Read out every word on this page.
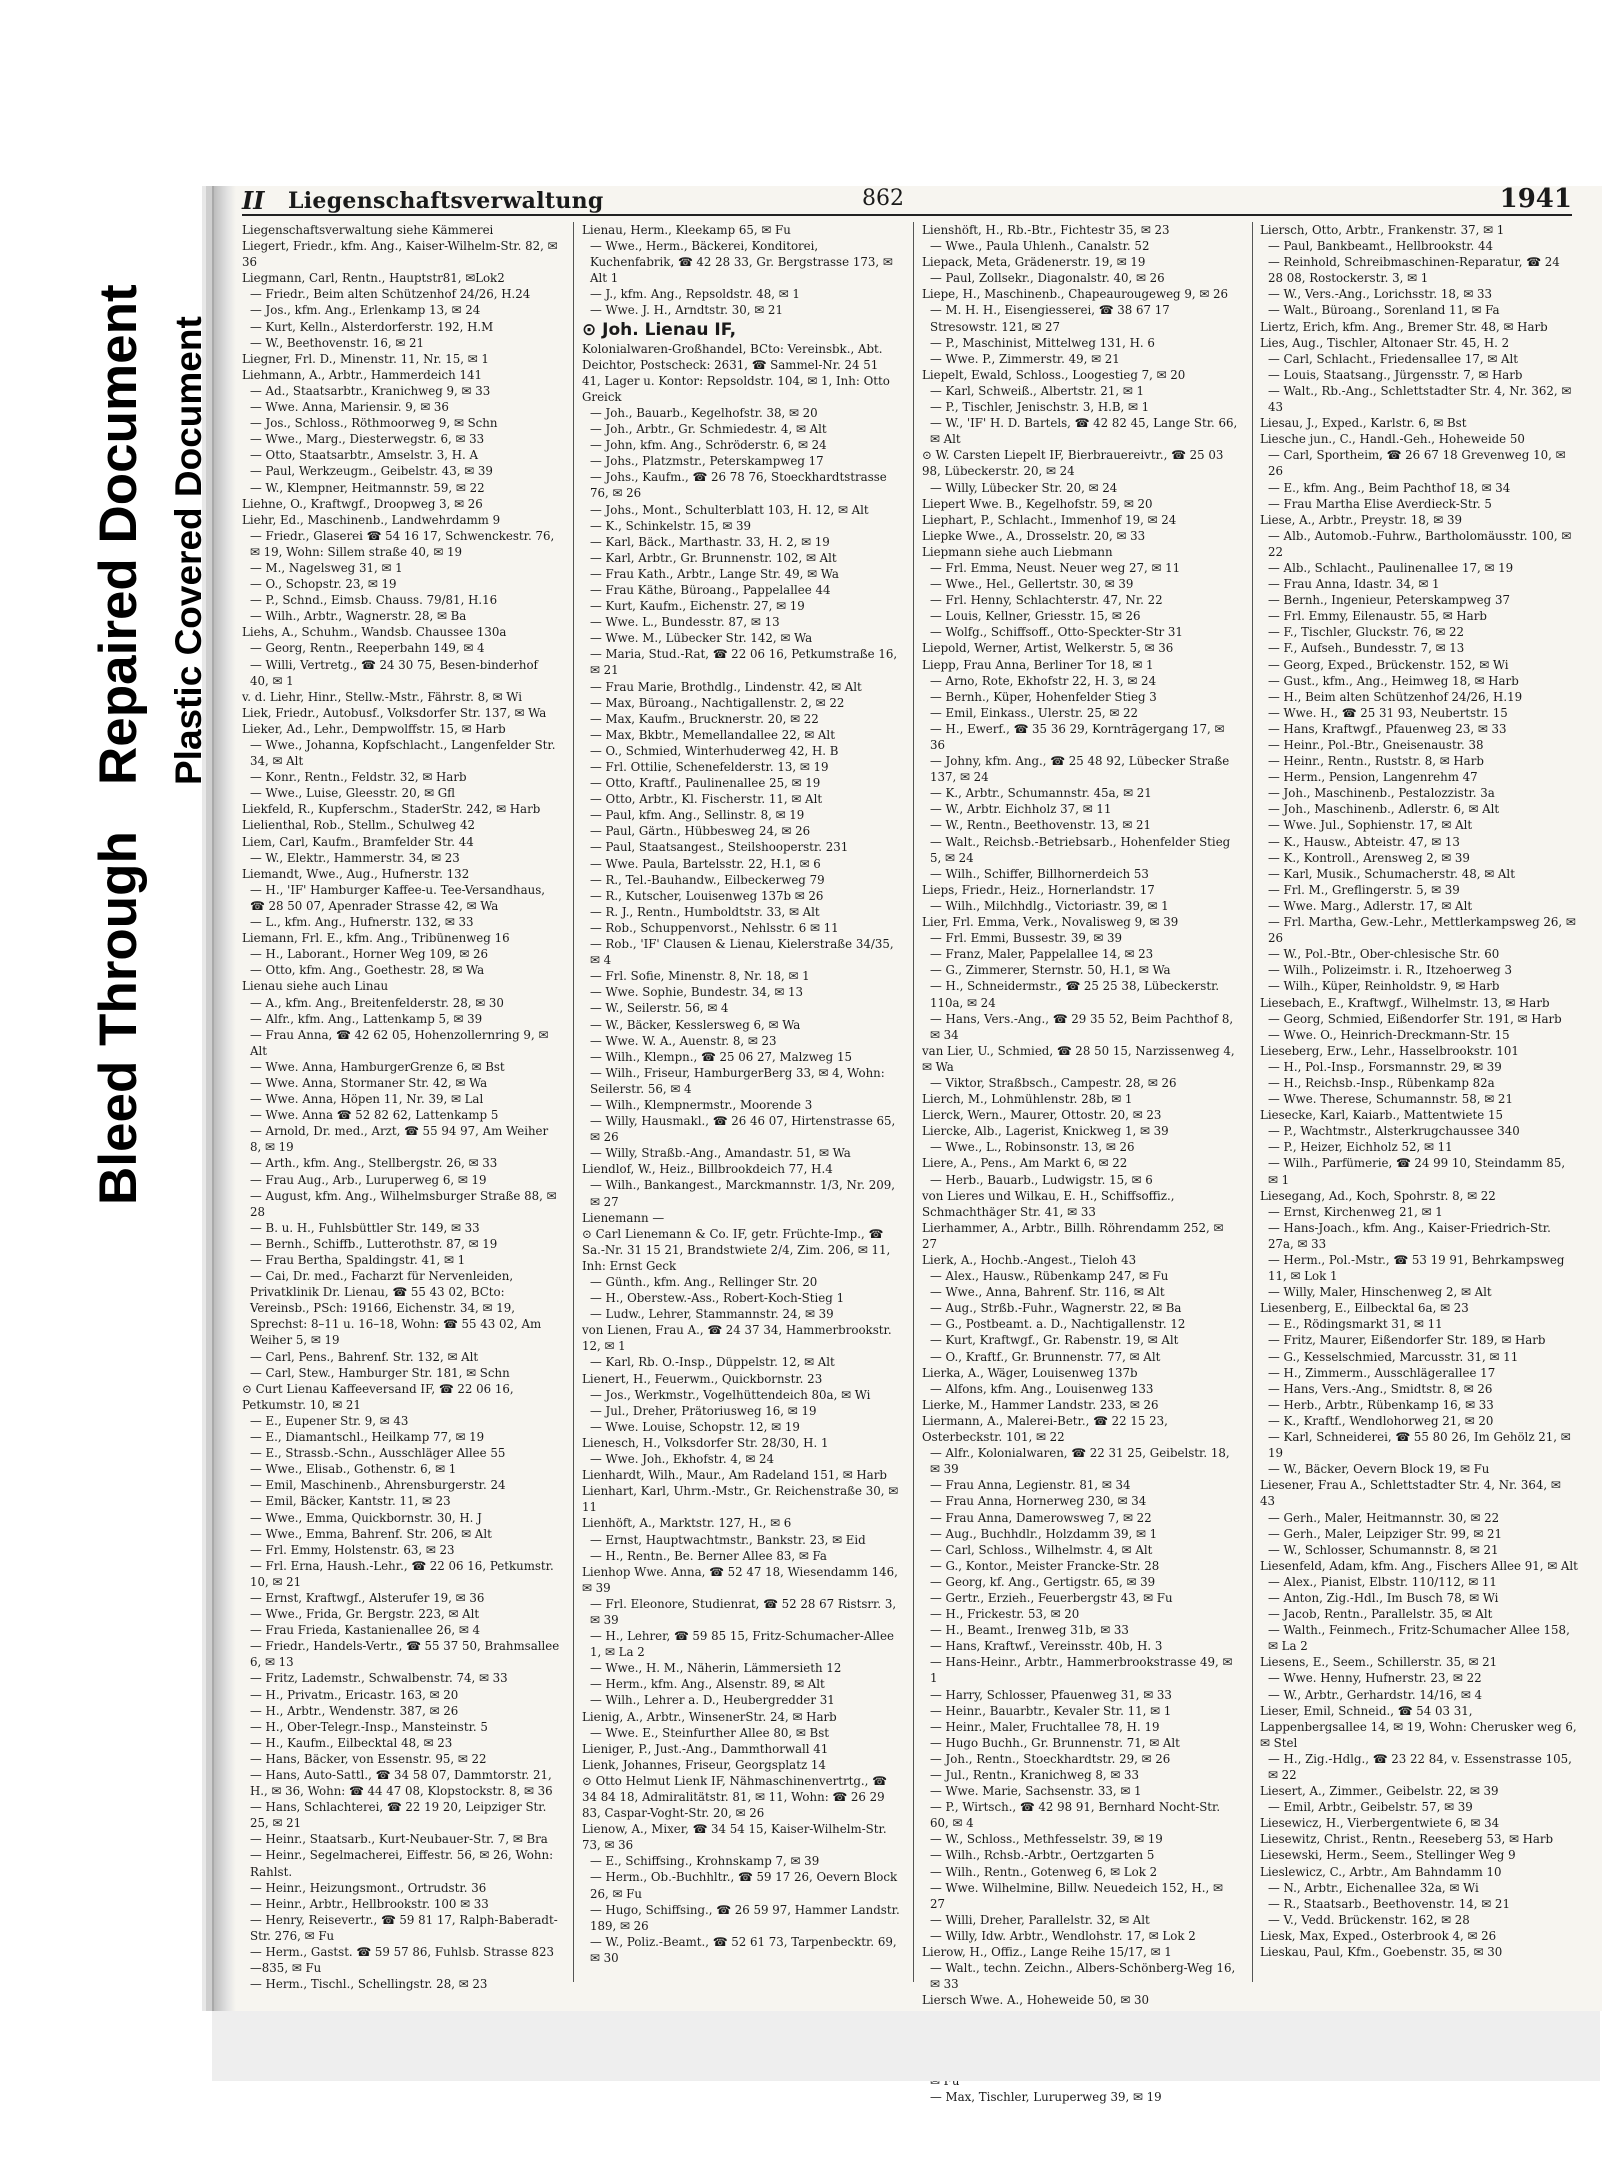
Bleed Through
Repaired Document Plastic Covered Document
II Liegenschaftsverwaltung	862	1941
Liegenschaftsverwaltung siehe Kämmerei
Liegert, Friedr., kfm. Ang., Kaiser-Wilhelm-Str. 82, ✉ 36
Liegmann, Carl, Rentn., Hauptstr81, ✉Lok2
— Friedr., Beim alten Schützenhof 24/26, H.24
— Jos., kfm. Ang., Erlenkamp 13, ✉ 24
— Kurt, Kelln., Alsterdorferstr. 192, H.M
— W., Beethovenstr. 16, ✉ 21
Liegner, Frl. D., Minenstr. 11, Nr. 15, ✉ 1
Liehmann, A., Arbtr., Hammerdeich 141
— Ad., Staatsarbtr., Kranichweg 9, ✉ 33
— Wwe. Anna, Mariensir. 9, ✉ 36
— Jos., Schloss., Röthmoorweg 9, ✉ Schn
— Wwe., Marg., Diesterwegstr. 6, ✉ 33
— Otto, Staatsarbtr., Amselstr. 3, H. A
— Paul, Werkzeugm., Geibelstr. 43, ✉ 39
— W., Klempner, Heitmannstr. 59, ✉ 22
Liehne, O., Kraftwgf., Droopweg 3, ✉ 26
Liehr, Ed., Maschinenb., Landwehrdamm 9
— Friedr., Glaserei ☎ 54 16 17, Schwenckestr. 76, ✉ 19, Wohn: Sillem straße 40, ✉ 19
— M., Nagelsweg 31, ✉ 1
— O., Schopstr. 23, ✉ 19
— P., Schnd., Eimsb. Chauss. 79/81, H.16
— Wilh., Arbtr., Wagnerstr. 28, ✉ Ba
Liehs, A., Schuhm., Wandsb. Chaussee 130a
— Georg, Rentn., Reeperbahn 149, ✉ 4
— Willi, Vertretg., ☎ 24 30 75, Besen-binderhof 40, ✉ 1
v. d. Liehr, Hinr., Stellw.-Mstr., Fährstr. 8, ✉ Wi
Liek, Friedr., Autobusf., Volksdorfer Str. 137, ✉ Wa
Lieker, Ad., Lehr., Dempwolffstr. 15, ✉ Harb
— Wwe., Johanna, Kopfschlacht., Langenfelder Str. 34, ✉ Alt
— Konr., Rentn., Feldstr. 32, ✉ Harb
— Wwe., Luise, Gleesstr. 20, ✉ Gfl
Liekfeld, R., Kupferschm., StaderStr. 242, ✉ Harb
Lielienthal, Rob., Stellm., Schulweg 42
Liem, Carl, Kaufm., Bramfelder Str. 44
— W., Elektr., Hammerstr. 34, ✉ 23
Liemandt, Wwe., Aug., Hufnerstr. 132
— H., 'IF' Hamburger Kaffee-u. Tee-Versandhaus, ☎ 28 50 07, Apenrader Strasse 42, ✉ Wa
— L., kfm. Ang., Hufnerstr. 132, ✉ 33
Liemann, Frl. E., kfm. Ang., Tribünenweg 16
— H., Laborant., Horner Weg 109, ✉ 26
— Otto, kfm. Ang., Goethestr. 28, ✉ Wa
Lienau siehe auch Linau
— A., kfm. Ang., Breitenfelderstr. 28, ✉ 30
— Alfr., kfm. Ang., Lattenkamp 5, ✉ 39
— Frau Anna, ☎ 42 62 05, Hohenzollernring 9, ✉ Alt
— Wwe. Anna, HamburgerGrenze 6, ✉ Bst
— Wwe. Anna, Stormaner Str. 42, ✉ Wa
— Wwe. Anna, Höpen 11, Nr. 39, ✉ Lal
— Wwe. Anna ☎ 52 82 62, Lattenkamp 5
— Arnold, Dr. med., Arzt, ☎ 55 94 97, Am Weiher 8, ✉ 19
— Arth., kfm. Ang., Stellbergstr. 26, ✉ 33
— Frau Aug., Arb., Luruperweg 6, ✉ 19
— August, kfm. Ang., Wilhelmsburger Straße 88, ✉ 28
— B. u. H., Fuhlsbüttler Str. 149, ✉ 33
— Bernh., Schiffb., Lutterothstr. 87, ✉ 19
— Frau Bertha, Spaldingstr. 41, ✉ 1
— Cai, Dr. med., Facharzt für Nervenleiden, Privatklinik Dr. Lienau, ☎ 55 43 02, BCto: Vereinsb., PSch: 19166, Eichenstr. 34, ✉ 19, Sprechst: 8–11 u. 16–18, Wohn: ☎ 55 43 02, Am Weiher 5, ✉ 19
— Carl, Pens., Bahrenf. Str. 132, ✉ Alt
— Carl, Stew., Hamburger Str. 181, ✉ Schn
⊙ Curt Lienau Kaffeeversand IF, ☎ 22 06 16, Petkumstr. 10, ✉ 21
— E., Eupener Str. 9, ✉ 43
— E., Diamantschl., Heilkamp 77, ✉ 19
— E., Strassb.-Schn., Ausschläger Allee 55
— Wwe., Elisab., Gothenstr. 6, ✉ 1
— Emil, Maschinenb., Ahrensburgerstr. 24
— Emil, Bäcker, Kantstr. 11, ✉ 23
— Wwe., Emma, Quickbornstr. 30, H. J
— Wwe., Emma, Bahrenf. Str. 206, ✉ Alt
— Frl. Emmy, Holstenstr. 63, ✉ 23
— Frl. Erna, Haush.-Lehr., ☎ 22 06 16, Petkumstr. 10, ✉ 21
— Ernst, Kraftwgf., Alsterufer 19, ✉ 36
— Wwe., Frida, Gr. Bergstr. 223, ✉ Alt
— Frau Frieda, Kastanienallee 26, ✉ 4
— Friedr., Handels-Vertr., ☎ 55 37 50, Brahmsallee 6, ✉ 13
— Fritz, Lademstr., Schwalbenstr. 74, ✉ 33
— H., Privatm., Ericastr. 163, ✉ 20
— H., Arbtr., Wendenstr. 387, ✉ 26
— H., Ober-Telegr.-Insp., Mansteinstr. 5
— H., Kaufm., Eilbecktal 48, ✉ 23
— Hans, Bäcker, von Essenstr. 95, ✉ 22
— Hans, Auto-Sattl., ☎ 34 58 07, Dammtorstr. 21, H., ✉ 36, Wohn: ☎ 44 47 08, Klopstockstr. 8, ✉ 36
— Hans, Schlachterei, ☎ 22 19 20, Leipziger Str. 25, ✉ 21
— Heinr., Staatsarb., Kurt-Neubauer-Str. 7, ✉ Bra
— Heinr., Segelmacherei, Eiffestr. 56, ✉ 26, Wohn: Rahlst.
— Heinr., Heizungsmont., Ortrudstr. 36
— Heinr., Arbtr., Hellbrookstr. 100 ✉ 33
— Henry, Reisevertr., ☎ 59 81 17, Ralph-Baberadt-Str. 276, ✉ Fu
— Herm., Gastst. ☎ 59 57 86, Fuhlsb. Strasse 823—835, ✉ Fu
— Herm., Tischl., Schellingstr. 28, ✉ 23
Lienau, Herm., Kleekamp 65, ✉ Fu
— Wwe., Herm., Bäckerei, Konditorei, Kuchenfabrik, ☎ 42 28 33, Gr. Bergstrasse 173, ✉ Alt 1
— J., kfm. Ang., Repsoldstr. 48, ✉ 1
— Wwe. J. H., Arndtstr. 30, ✉ 21
⊙ Joh. Lienau IF,
Kolonialwaren-Großhandel, BCto: Vereinsbk., Abt. Deichtor, Postscheck: 2631, ☎ Sammel-Nr. 24 51 41, Lager u. Kontor: Repsoldstr. 104, ✉ 1, Inh: Otto Greick
— Joh., Bauarb., Kegelhofstr. 38, ✉ 20
— Joh., Arbtr., Gr. Schmiedestr. 4, ✉ Alt
— John, kfm. Ang., Schröderstr. 6, ✉ 24
— Johs., Platzmstr., Peterskampweg 17
— Johs., Kaufm., ☎ 26 78 76, Stoeckhardtstrasse 76, ✉ 26
— Johs., Mont., Schulterblatt 103, H. 12, ✉ Alt
— K., Schinkelstr. 15, ✉ 39
— Karl, Bäck., Marthastr. 33, H. 2, ✉ 19
— Karl, Arbtr., Gr. Brunnenstr. 102, ✉ Alt
— Frau Kath., Arbtr., Lange Str. 49, ✉ Wa
— Frau Käthe, Büroang., Pappelallee 44
— Kurt, Kaufm., Eichenstr. 27, ✉ 19
— Wwe. L., Bundesstr. 87, ✉ 13
— Wwe. M., Lübecker Str. 142, ✉ Wa
— Maria, Stud.-Rat, ☎ 22 06 16, Petkumstraße 16, ✉ 21
— Frau Marie, Brothdlg., Lindenstr. 42, ✉ Alt
— Max, Büroang., Nachtigallenstr. 2, ✉ 22
— Max, Kaufm., Brucknerstr. 20, ✉ 22
— Max, Bkbtr., Memellandallee 22, ✉ Alt
— O., Schmied, Winterhuderweg 42, H. B
— Frl. Ottilie, Schenefelderstr. 13, ✉ 19
— Otto, Kraftf., Paulinenallee 25, ✉ 19
— Otto, Arbtr., Kl. Fischerstr. 11, ✉ Alt
— Paul, kfm. Ang., Sellinstr. 8, ✉ 19
— Paul, Gärtn., Hübbesweg 24, ✉ 26
— Paul, Staatsangest., Steilshooperstr. 231
— Wwe. Paula, Bartelsstr. 22, H.1, ✉ 6
— R., Tel.-Bauhandw., Eilbeckerweg 79
— R., Kutscher, Louisenweg 137b ✉ 26
— R. J., Rentn., Humboldtstr. 33, ✉ Alt
— Rob., Schuppenvorst., Nehlsstr. 6 ✉ 11
— Rob., 'IF' Clausen & Lienau, Kielerstraße 34/35, ✉ 4
— Frl. Sofie, Minenstr. 8, Nr. 18, ✉ 1
— Wwe. Sophie, Bundestr. 34, ✉ 13
— W., Seilerstr. 56, ✉ 4
— W., Bäcker, Kesslersweg 6, ✉ Wa
— Wwe. W. A., Auenstr. 8, ✉ 23
— Wilh., Klempn., ☎ 25 06 27, Malzweg 15
— Wilh., Friseur, HamburgerBerg 33, ✉ 4, Wohn: Seilerstr. 56, ✉ 4
— Wilh., Klempnermstr., Moorende 3
— Willy, Hausmakl., ☎ 26 46 07, Hirtenstrasse 65, ✉ 26
— Willy, Straßb.-Ang., Amandastr. 51, ✉ Wa
Liendlof, W., Heiz., Billbrookdeich 77, H.4
— Wilh., Bankangest., Marckmannstr. 1/3, Nr. 209, ✉ 27
Lienemann —
⊙ Carl Lienemann & Co. IF, getr. Früchte-Imp., ☎ Sa.-Nr. 31 15 21, Brandstwiete 2/4, Zim. 206, ✉ 11, Inh: Ernst Geck
— Günth., kfm. Ang., Rellinger Str. 20
— H., Oberstew.-Ass., Robert-Koch-Stieg 1
— Ludw., Lehrer, Stammannstr. 24, ✉ 39
von Lienen, Frau A., ☎ 24 37 34, Hammerbrookstr. 12, ✉ 1
— Karl, Rb. O.-Insp., Düppelstr. 12, ✉ Alt
Lienert, H., Feuerwm., Quickbornstr. 23
— Jos., Werkmstr., Vogelhüttendeich 80a, ✉ Wi
— Jul., Dreher, Prätoriusweg 16, ✉ 19
— Wwe. Louise, Schopstr. 12, ✉ 19
Lienesch, H., Volksdorfer Str. 28/30, H. 1
— Wwe. Joh., Ekhofstr. 4, ✉ 24
Lienhardt, Wilh., Maur., Am Radeland 151, ✉ Harb
Lienhart, Karl, Uhrm.-Mstr., Gr. Reichenstraße 30, ✉ 11
Lienhöft, A., Marktstr. 127, H., ✉ 6
— Ernst, Hauptwachtmstr., Bankstr. 23, ✉ Eid
— H., Rentn., Be. Berner Allee 83, ✉ Fa
Lienhop Wwe. Anna, ☎ 52 47 18, Wiesendamm 146, ✉ 39
— Frl. Eleonore, Studienrat, ☎ 52 28 67 Ristsrr. 3, ✉ 39
— H., Lehrer, ☎ 59 85 15, Fritz-Schumacher-Allee 1, ✉ La 2
— Wwe., H. M., Näherin, Lämmersieth 12
— Herm., kfm. Ang., Alsenstr. 89, ✉ Alt
— Wilh., Lehrer a. D., Heubergredder 31
Lienig, A., Arbtr., WinsenerStr. 24, ✉ Harb
— Wwe. E., Steinfurther Allee 80, ✉ Bst
Lieniger, P., Just.-Ang., Dammthorwall 41
Lienk, Johannes, Friseur, Georgsplatz 14
⊙ Otto Helmut Lienk IF, Nähmaschinenvertrtg., ☎ 34 84 18, Admiralitätstr. 81, ✉ 11, Wohn: ☎ 26 29 83, Caspar-Voght-Str. 20, ✉ 26
Lienow, A., Mixer, ☎ 34 54 15, Kaiser-Wilhelm-Str. 73, ✉ 36
— E., Schiffsing., Krohnskamp 7, ✉ 39
— Herm., Ob.-Buchhltr., ☎ 59 17 26, Oevern Block 26, ✉ Fu
— Hugo, Schiffsing., ☎ 26 59 97, Hammer Landstr. 189, ✉ 26
— W., Poliz.-Beamt., ☎ 52 61 73, Tarpenbecktr. 69, ✉ 30
Lienshöft, H., Rb.-Btr., Fichtestr 35, ✉ 23
— Wwe., Paula Uhlenh., Canalstr. 52
Liepack, Meta, Grädenerstr. 19, ✉ 19
— Paul, Zollsekr., Diagonalstr. 40, ✉ 26
Liepe, H., Maschinenb., Chapeaurougeweg 9, ✉ 26
— M. H. H., Eisengiesserei, ☎ 38 67 17 Stresowstr. 121, ✉ 27
— P., Maschinist, Mittelweg 131, H. 6
— Wwe. P., Zimmerstr. 49, ✉ 21
Liepelt, Ewald, Schloss., Loogestieg 7, ✉ 20
— Karl, Schweiß., Albertstr. 21, ✉ 1
— P., Tischler, Jenischstr. 3, H.B, ✉ 1
— W., 'IF' H. D. Bartels, ☎ 42 82 45, Lange Str. 66, ✉ Alt
⊙ W. Carsten Liepelt IF, Bierbrauereivtr., ☎ 25 03 98, Lübeckerstr. 20, ✉ 24
— Willy, Lübecker Str. 20, ✉ 24
Liepert Wwe. B., Kegelhofstr. 59, ✉ 20
Liephart, P., Schlacht., Immenhof 19, ✉ 24
Liepke Wwe., A., Drosselstr. 20, ✉ 33
Liepmann siehe auch Liebmann
— Frl. Emma, Neust. Neuer weg 27, ✉ 11
— Wwe., Hel., Gellertstr. 30, ✉ 39
— Frl. Henny, Schlachterstr. 47, Nr. 22
— Louis, Kellner, Griesstr. 15, ✉ 26
— Wolfg., Schiffsoff., Otto-Speckter-Str 31
Liepold, Werner, Artist, Welkerstr. 5, ✉ 36
Liepp, Frau Anna, Berliner Tor 18, ✉ 1
— Arno, Rote, Ekhofstr 22, H. 3, ✉ 24
— Bernh., Küper, Hohenfelder Stieg 3
— Emil, Einkass., Ulerstr. 25, ✉ 22
— H., Ewerf., ☎ 35 36 29, Korntrāgergang 17, ✉ 36
— Johny, kfm. Ang., ☎ 25 48 92, Lübecker Straße 137, ✉ 24
— K., Arbtr., Schumannstr. 45a, ✉ 21
— W., Arbtr. Eichholz 37, ✉ 11
— W., Rentn., Beethovenstr. 13, ✉ 21
— Walt., Reichsb.-Betriebsarb., Hohenfelder Stieg 5, ✉ 24
— Wilh., Schiffer, Billhornerdeich 53
Lieps, Friedr., Heiz., Hornerlandstr. 17
— Wilh., Milchhdlg., Victoriastr. 39, ✉ 1
Lier, Frl. Emma, Verk., Novalisweg 9, ✉ 39
— Frl. Emmi, Bussestr. 39, ✉ 39
— Franz, Maler, Pappelallee 14, ✉ 23
— G., Zimmerer, Sternstr. 50, H.1, ✉ Wa
— H., Schneidermstr., ☎ 25 25 38, Lübeckerstr. 110a, ✉ 24
— Hans, Vers.-Ang., ☎ 29 35 52, Beim Pachthof 8, ✉ 34
van Lier, U., Schmied, ☎ 28 50 15, Narzissenweg 4, ✉ Wa
— Viktor, Straßbsch., Campestr. 28, ✉ 26
Lierch, M., Lohmühlenstr. 28b, ✉ 1
Lierck, Wern., Maurer, Ottostr. 20, ✉ 23
Liercke, Alb., Lagerist, Knickweg 1, ✉ 39
— Wwe., L., Robinsonstr. 13, ✉ 26
Liere, A., Pens., Am Markt 6, ✉ 22
— Herb., Bauarb., Ludwigstr. 15, ✉ 6
von Lieres und Wilkau, E. H., Schiffsoffiz., Schmachthäger Str. 41, ✉ 33
Lierhammer, A., Arbtr., Billh. Röhrendamm 252, ✉ 27
Lierk, A., Hochb.-Angest., Tieloh 43
— Alex., Hausw., Rübenkamp 247, ✉ Fu
— Wwe., Anna, Bahrenf. Str. 116, ✉ Alt
— Aug., Strßb.-Fuhr., Wagnerstr. 22, ✉ Ba
— G., Postbeamt. a. D., Nachtigallenstr. 12
— Kurt, Kraftwgf., Gr. Rabenstr. 19, ✉ Alt
— O., Kraftf., Gr. Brunnenstr. 77, ✉ Alt
Lierka, A., Wäger, Louisenweg 137b
— Alfons, kfm. Ang., Louisenweg 133
Lierke, M., Hammer Landstr. 233, ✉ 26
Liermann, A., Malerei-Betr., ☎ 22 15 23, Osterbeckstr. 101, ✉ 22
— Alfr., Kolonialwaren, ☎ 22 31 25, Geibelstr. 18, ✉ 39
— Frau Anna, Legienstr. 81, ✉ 34
— Frau Anna, Hornerweg 230, ✉ 34
— Frau Anna, Damerowsweg 7, ✉ 22
— Aug., Buchhdlr., Holzdamm 39, ✉ 1
— Carl, Schloss., Wilhelmstr. 4, ✉ Alt
— G., Kontor., Meister Francke-Str. 28
— Georg, kf. Ang., Gertigstr. 65, ✉ 39
— Gertr., Erzieh., Feuerbergstr 43, ✉ Fu
— H., Frickestr. 53, ✉ 20
— H., Beamt., Irenweg 31b, ✉ 33
— Hans, Kraftwf., Vereinsstr. 40b, H. 3
— Hans-Heinr., Arbtr., Hammerbrookstrasse 49, ✉ 1
— Harry, Schlosser, Pfauenweg 31, ✉ 33
— Heinr., Bauarbtr., Kevaler Str. 11, ✉ 1
— Heinr., Maler, Fruchtallee 78, H. 19
— Hugo Buchh., Gr. Brunnenstr. 71, ✉ Alt
— Joh., Rentn., Stoeckhardtstr. 29, ✉ 26
— Jul., Rentn., Kranichweg 8, ✉ 33
— Wwe. Marie, Sachsenstr. 33, ✉ 1
— P., Wirtsch., ☎ 42 98 91, Bernhard Nocht-Str. 60, ✉ 4
— W., Schloss., Methfesselstr. 39, ✉ 19
— Wilh., Rchsb.-Arbtr., Oertzgarten 5
— Wilh., Rentn., Gotenweg 6, ✉ Lok 2
— Wwe. Wilhelmine, Billw. Neuedeich 152, H., ✉ 27
— Willi, Dreher, Parallelstr. 32, ✉ Alt
— Willy, Idw. Arbtr., Wendlohstr. 17, ✉ Lok 2
Lierow, H., Offiz., Lange Reihe 15/17, ✉ 1
— Walt., techn. Zeichn., Albers-Schönberg-Weg 16, ✉ 33
Liersch Wwe. A., Hoheweide 50, ✉ 30
— Max, Tischler, Luruperweg 39, ✉ 19
Liersch, Otto, Arbtr., Frankenstr. 37, ✉ 1
— Paul, Bankbeamt., Hellbrookstr. 44
— Reinhold, Schreibmaschinen-Reparatur, ☎ 24 28 08, Rostockerstr. 3, ✉ 1
— W., Vers.-Ang., Lorichsstr. 18, ✉ 33
— Walt., Büroang., Sorenland 11, ✉ Fa
Liertz, Erich, kfm. Ang., Bremer Str. 48, ✉ Harb
Lies, Aug., Tischler, Altonaer Str. 45, H. 2
— Carl, Schlacht., Friedensallee 17, ✉ Alt
— Louis, Staatsang., Jürgensstr. 7, ✉ Harb
— Walt., Rb.-Ang., Schlettstadter Str. 4, Nr. 362, ✉ 43
Liesau, J., Exped., Karlstr. 6, ✉ Bst
Liesche jun., C., Handl.-Geh., Hoheweide 50
— Carl, Sportheim, ☎ 26 67 18 Grevenweg 10, ✉ 26
— E., kfm. Ang., Beim Pachthof 18, ✉ 34
— Frau Martha Elise Averdieck-Str. 5
Liese, A., Arbtr., Preystr. 18, ✉ 39
— Alb., Automob.-Fuhrw., Bartholomäusstr. 100, ✉ 22
— Alb., Schlacht., Paulinenallee 17, ✉ 19
— Frau Anna, Idastr. 34, ✉ 1
— Bernh., Ingenieur, Peterskampweg 37
— Frl. Emmy, Eilenaustr. 55, ✉ Harb
— F., Tischler, Gluckstr. 76, ✉ 22
— F., Aufseh., Bundesstr. 7, ✉ 13
— Georg, Exped., Brückenstr. 152, ✉ Wi
— Gust., kfm., Ang., Heimweg 18, ✉ Harb
— H., Beim alten Schützenhof 24/26, H.19
— Wwe. H., ☎ 25 31 93, Neubertstr. 15
— Hans, Kraftwgf., Pfauenweg 23, ✉ 33
— Heinr., Pol.-Btr., Gneisenaustr. 38
— Heinr., Rentn., Ruststr. 8, ✉ Harb
— Herm., Pension, Langenrehm 47
— Joh., Maschinenb., Pestalozzistr. 3a
— Joh., Maschinenb., Adlerstr. 6, ✉ Alt
— Wwe. Jul., Sophienstr. 17, ✉ Alt
— K., Hausw., Abteistr. 47, ✉ 13
— K., Kontroll., Arensweg 2, ✉ 39
— Karl, Musik., Schumacherstr. 48, ✉ Alt
— Frl. M., Greflingerstr. 5, ✉ 39
— Wwe. Marg., Adlerstr. 17, ✉ Alt
— Frl. Martha, Gew.-Lehr., Mettlerkampsweg 26, ✉ 26
— W., Pol.-Btr., Ober-chlesische Str. 60
— Wilh., Polizeimstr. i. R., Itzehoerweg 3
— Wilh., Küper, Reinholdstr. 9, ✉ Harb
Liesebach, E., Kraftwgf., Wilhelmstr. 13, ✉ Harb
— Georg, Schmied, Eißendorfer Str. 191, ✉ Harb
— Wwe. O., Heinrich-Dreckmann-Str. 15
Lieseberg, Erw., Lehr., Hasselbrookstr. 101
— H., Pol.-Insp., Forsmannstr. 29, ✉ 39
— H., Reichsb.-Insp., Rübenkamp 82a
— Wwe. Therese, Schumannstr. 58, ✉ 21
Liesecke, Karl, Kaiarb., Mattentwiete 15
— P., Wachtmstr., Alsterkrugchaussee 340
— P., Heizer, Eichholz 52, ✉ 11
— Wilh., Parfümerie, ☎ 24 99 10, Steindamm 85, ✉ 1
Liesegang, Ad., Koch, Spohrstr. 8, ✉ 22
— Ernst, Kirchenweg 21, ✉ 1
— Hans-Joach., kfm. Ang., Kaiser-Friedrich-Str. 27a, ✉ 33
— Herm., Pol.-Mstr., ☎ 53 19 91, Behrkampsweg 11, ✉ Lok 1
— Willy, Maler, Hinschenweg 2, ✉ Alt
Liesenberg, E., Eilbecktal 6a, ✉ 23
— E., Rödingsmarkt 31, ✉ 11
— Fritz, Maurer, Eißendorfer Str. 189, ✉ Harb
— G., Kesselschmied, Marcusstr. 31, ✉ 11
— H., Zimmerm., Ausschlägerallee 17
— Hans, Vers.-Ang., Smidtstr. 8, ✉ 26
— Herb., Arbtr., Rübenkamp 16, ✉ 33
— K., Kraftf., Wendlohorweg 21, ✉ 20
— Karl, Schneiderei, ☎ 55 80 26, Im Gehölz 21, ✉ 19
— W., Bäcker, Oevern Block 19, ✉ Fu
Liesener, Frau A., Schlettstadter Str. 4, Nr. 364, ✉ 43
— Gerh., Maler, Heitmannstr. 30, ✉ 22
— Gerh., Maler, Leipziger Str. 99, ✉ 21
— W., Schlosser, Schumannstr. 8, ✉ 21
Liesenfeld, Adam, kfm. Ang., Fischers Allee 91, ✉ Alt
— Alex., Pianist, Elbstr. 110/112, ✉ 11
— Anton, Zig.-Hdl., Im Busch 78, ✉ Wi
— Jacob, Rentn., Parallelstr. 35, ✉ Alt
— Walth., Feinmech., Fritz-Schumacher Allee 158, ✉ La 2
Liesens, E., Seem., Schillerstr. 35, ✉ 21
— Wwe. Henny, Hufnerstr. 23, ✉ 22
— W., Arbtr., Gerhardstr. 14/16, ✉ 4
Lieser, Emil, Schneid., ☎ 54 03 31, Lappenbergsallee 14, ✉ 19, Wohn: Cherusker weg 6, ✉ Stel
— H., Zig.-Hdlg., ☎ 23 22 84, v. Essenstrasse 105, ✉ 22
Liesert, A., Zimmer., Geibelstr. 22, ✉ 39
— Emil, Arbtr., Geibelstr. 57, ✉ 39
Liesewicz, H., Vierbergentwiete 6, ✉ 34
Liesewitz, Christ., Rentn., Reeseberg 53, ✉ Harb
Liesewski, Herm., Seem., Stellinger Weg 9
Lieslewicz, C., Arbtr., Am Bahndamm 10
— N., Arbtr., Eichenallee 32a, ✉ Wi
— R., Staatsarb., Beethovenstr. 14, ✉ 21
— V., Vedd. Brückenstr. 162, ✉ 28
Liesk, Max, Exped., Osterbrook 4, ✉ 26
Lieskau, Paul, Kfm., Goebenstr. 35, ✉ 30
